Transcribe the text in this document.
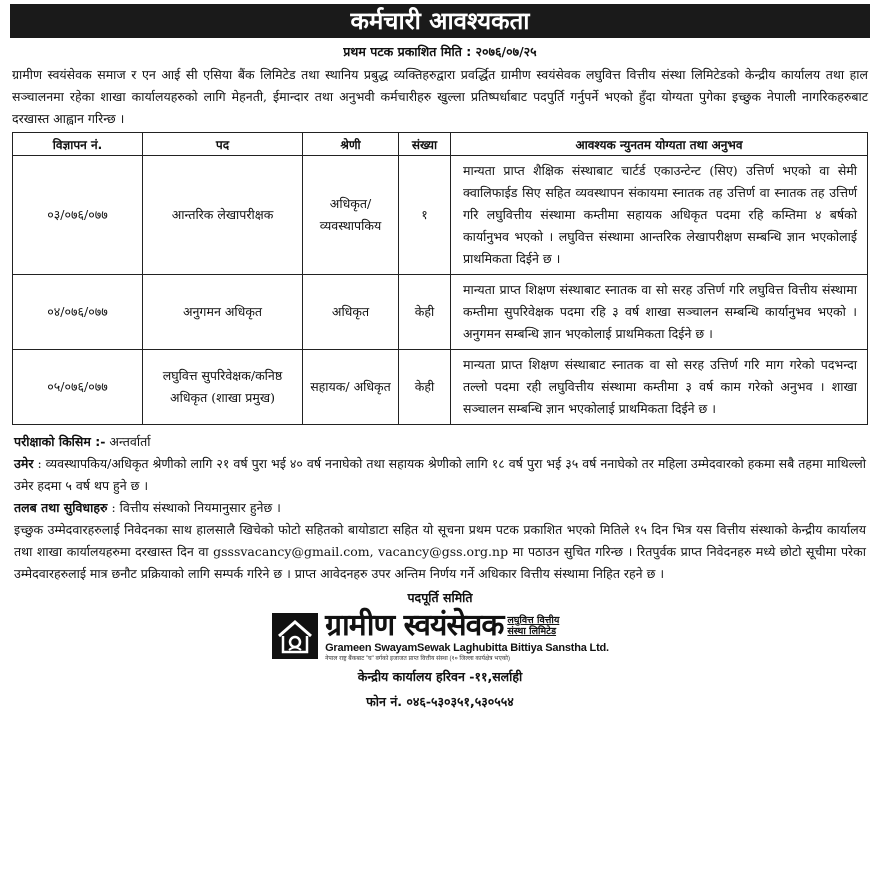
कर्मचारी आवश्यकता
प्रथम पटक प्रकाशित मिति : २०७६/०७/२५

ग्रामीण स्वयंसेवक समाज र एन आई सी एसिया बैंक लिमिटेड तथा स्थानिय प्रबुद्ध व्यक्तिहरुद्वारा प्रवर्द्धित ग्रामीण स्वयंसेवक लघुवित्त वित्तीय संस्था लिमिटेडको केन्द्रीय कार्यालय तथा हाल सञ्चालनमा रहेका शाखा कार्यालयहरुको लागि मेहनती, ईमान्दार तथा अनुभवी कर्मचारीहरु खुल्ला प्रतिष्पर्धाबाट पदपुर्ति गर्नुपर्ने भएको हुँदा योग्यता पुगेका इच्छुक नेपाली नागरिकहरुबाट दरखास्त आह्वान गरिन्छ ।

विज्ञापन नं.	पद	श्रेणी	संख्या	आवश्यक न्युनतम योग्यता तथा अनुभव
०३/०७६/०७७	आन्तरिक लेखापरीक्षक	अधिकृत/ व्यवस्थापकिय	१	मान्यता प्राप्त शैक्षिक संस्थाबाट चार्टर्ड एकाउन्टेन्ट (सिए) उत्तिर्ण भएको वा सेमी क्वालिफाईड सिए सहित व्यवस्थापन संकायमा स्नातक तह उत्तिर्ण वा स्नातक तह उत्तिर्ण गरि लघुवित्तीय संस्थामा कम्तीमा सहायक अधिकृत पदमा रहि कम्तिमा ४ बर्षको कार्यानुभव भएको । लघुवित्त संस्थामा आन्तरिक लेखापरीक्षण सम्बन्धि ज्ञान भएकोलाई प्राथमिकता दिईने छ ।
०४/०७६/०७७	अनुगमन अधिकृत	अधिकृत	केही	मान्यता प्राप्त शिक्षण संस्थाबाट स्नातक वा सो सरह उत्तिर्ण गरि लघुवित्त वित्तीय संस्थामा कम्तीमा सुपरिवेक्षक पदमा रहि ३ वर्ष शाखा सञ्चालन सम्बन्धि कार्यानुभव भएको । अनुगमन सम्बन्धि ज्ञान भएकोलाई प्राथमिकता दिईने छ ।
०५/०७६/०७७	लघुवित्त सुपरिवेक्षक/कनिष्ठ अधिकृत (शाखा प्रमुख)	सहायक/ अधिकृत	केही	मान्यता प्राप्त शिक्षण संस्थाबाट स्नातक वा सो सरह उत्तिर्ण गरि माग गरेको पदभन्दा तल्लो पदमा रही लघुवित्तीय संस्थामा कम्तीमा ३ वर्ष काम गरेको अनुभव । शाखा सञ्चालन सम्बन्धि ज्ञान भएकोलाई प्राथमिकता दिईने छ ।
परीक्षाको किसिम :- अन्तर्वार्ता
उमेर : व्यवस्थापकिय/अधिकृत श्रेणीको लागि २१ वर्ष पुरा भई ४० वर्ष ननाघेको तथा सहायक श्रेणीको लागि १८ वर्ष पुरा भई ३५ वर्ष ननाघेको तर महिला उम्मेदवारको हकमा सबै तहमा माथिल्लो उमेर हदमा ५ वर्ष थप हुने छ ।
तलब तथा सुविधाहरु : वित्तीय संस्थाको नियमानुसार हुनेछ ।
इच्छुक उम्मेदवारहरुलाई निवेदनका साथ हालसालै खिचेको फोटो सहितको बायोडाटा सहित यो सूचना प्रथम पटक प्रकाशित भएको मितिले १५ दिन भित्र यस वित्तीय संस्थाको केन्द्रीय कार्यालय तथा शाखा कार्यालयहरुमा दरखास्त दिन वा gsssvacancy@gmail.com, vacancy@gss.org.np मा पठाउन सुचित गरिन्छ । रितपुर्वक प्राप्त निवेदनहरु मध्ये छोटो सूचीमा परेका उम्मेदवारहरुलाई मात्र छनौट प्रक्रियाको लागि सम्पर्क गरिने छ । प्राप्त आवेदनहरु उपर अन्तिम निर्णय गर्ने अधिकार वित्तीय संस्थामा निहित रहने छ ।
पदपूर्ति समिति
ग्रामीण स्वयंसेवक लघुवित्त वित्तीय
संस्था लिमिटेड
Grameen SwayamSewak Laghubitta Bittiya Sanstha Ltd.
नेपाल राष्ट्र बैंकबाट "घ" वर्गको इजाजत प्राप्त वित्तीय संस्था (१० जिल्ला कार्यक्षेत्र भएको)
केन्द्रीय कार्यालय हरिवन -११,सर्लाही
फोन नं. ०४६-५३०३५१,५३०५५४
